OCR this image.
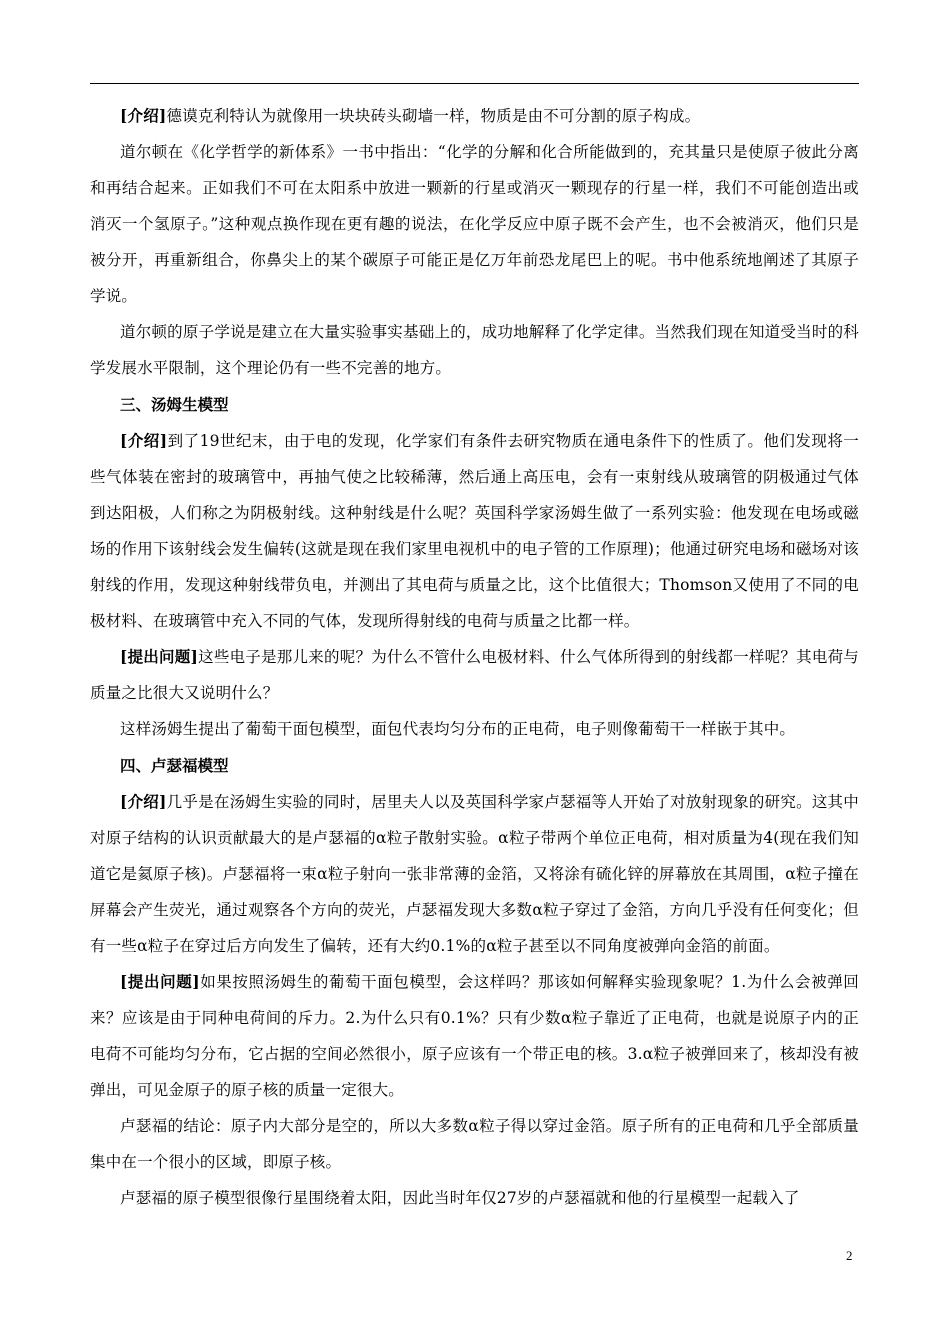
[介绍]德谟克利特认为就像用一块块砖头砌墙一样，物质是由不可分割的原子构成。

道尔顿在《化学哲学的新体系》一书中指出：“化学的分解和化合所能做到的，充其量只是使原子彼此分离和再结合起来。正如我们不可在太阳系中放进一颗新的行星或消灭一颗现存的行星一样，我们不可能创造出或消灭一个氢原子。”这种观点换作现在更有趣的说法，在化学反应中原子既不会产生，也不会被消灭，他们只是被分开，再重新组合，你鼻尖上的某个碳原子可能正是亿万年前恐龙尾巴上的呢。书中他系统地阐述了其原子学说。

道尔顿的原子学说是建立在大量实验事实基础上的，成功地解释了化学定律。当然我们现在知道受当时的科学发展水平限制，这个理论仍有一些不完善的地方。

三、汤姆生模型

[介绍]到了19世纪末，由于电的发现，化学家们有条件去研究物质在通电条件下的性质了。他们发现将一些气体装在密封的玻璃管中，再抽气使之比较稀薄，然后通上高压电，会有一束射线从玻璃管的阴极通过气体到达阳极，人们称之为阴极射线。这种射线是什么呢？英国科学家汤姆生做了一系列实验：他发现在电场或磁场的作用下该射线会发生偏转(这就是现在我们家里电视机中的电子管的工作原理)；他通过研究电场和磁场对该射线的作用，发现这种射线带负电，并测出了其电荷与质量之比，这个比值很大；Thomson又使用了不同的电极材料、在玻璃管中充入不同的气体，发现所得射线的电荷与质量之比都一样。

[提出问题]这些电子是那儿来的呢？为什么不管什么电极材料、什么气体所得到的射线都一样呢？其电荷与质量之比很大又说明什么？

这样汤姆生提出了葡萄干面包模型，面包代表均匀分布的正电荷，电子则像葡萄干一样嵌于其中。

四、卢瑟福模型

[介绍]几乎是在汤姆生实验的同时，居里夫人以及英国科学家卢瑟福等人开始了对放射现象的研究。这其中对原子结构的认识贡献最大的是卢瑟福的α粒子散射实验。α粒子带两个单位正电荷，相对质量为4(现在我们知道它是氦原子核)。卢瑟福将一束α粒子射向一张非常薄的金箔，又将涂有硫化锌的屏幕放在其周围，α粒子撞在屏幕会产生荧光，通过观察各个方向的荧光，卢瑟福发现大多数α粒子穿过了金箔，方向几乎没有任何变化；但有一些α粒子在穿过后方向发生了偏转，还有大约0.1%的α粒子甚至以不同角度被弹向金箔的前面。

[提出问题]如果按照汤姆生的葡萄干面包模型，会这样吗？那该如何解释实验现象呢？1.为什么会被弹回来？应该是由于同种电荷间的斥力。2.为什么只有0.1%？只有少数α粒子靠近了正电荷，也就是说原子内的正电荷不可能均匀分布，它占据的空间必然很小，原子应该有一个带正电的核。3.α粒子被弹回来了，核却没有被弹出，可见金原子的原子核的质量一定很大。

卢瑟福的结论：原子内大部分是空的，所以大多数α粒子得以穿过金箔。原子所有的正电荷和几乎全部质量集中在一个很小的区域，即原子核。

卢瑟福的原子模型很像行星围绕着太阳，因此当时年仅27岁的卢瑟福就和他的行星模型一起载入了

2
